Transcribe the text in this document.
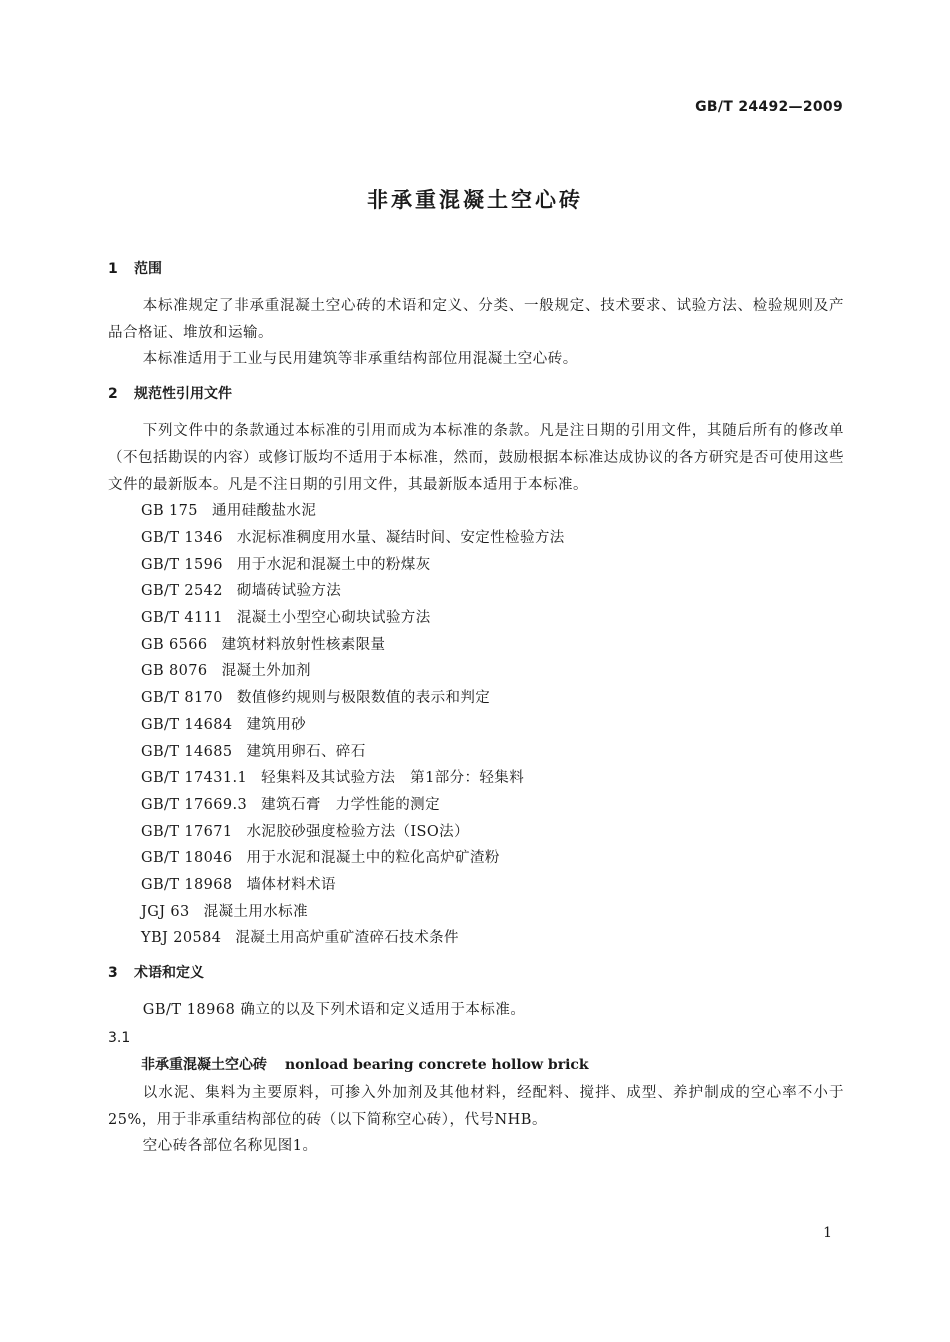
GB/T 24492—2009
非承重混凝土空心砖
1 范围
本标准规定了非承重混凝土空心砖的术语和定义、分类、一般规定、技术要求、试验方法、检验规则及产品合格证、堆放和运输。
本标准适用于工业与民用建筑等非承重结构部位用混凝土空心砖。
2 规范性引用文件
下列文件中的条款通过本标准的引用而成为本标准的条款。凡是注日期的引用文件，其随后所有的修改单（不包括勘误的内容）或修订版均不适用于本标准，然而，鼓励根据本标准达成协议的各方研究是否可使用这些文件的最新版本。凡是不注日期的引用文件，其最新版本适用于本标准。
GB 175 通用硅酸盐水泥
GB/T 1346 水泥标准稠度用水量、凝结时间、安定性检验方法
GB/T 1596 用于水泥和混凝土中的粉煤灰
GB/T 2542 砌墙砖试验方法
GB/T 4111 混凝土小型空心砌块试验方法
GB 6566 建筑材料放射性核素限量
GB 8076 混凝土外加剂
GB/T 8170 数值修约规则与极限数值的表示和判定
GB/T 14684 建筑用砂
GB/T 14685 建筑用卵石、碎石
GB/T 17431.1 轻集料及其试验方法　第1部分：轻集料
GB/T 17669.3 建筑石膏　力学性能的测定
GB/T 17671 水泥胶砂强度检验方法（ISO法）
GB/T 18046 用于水泥和混凝土中的粒化高炉矿渣粉
GB/T 18968 墙体材料术语
JGJ 63 混凝土用水标准
YBJ 20584 混凝土用高炉重矿渣碎石技术条件
3 术语和定义
GB/T 18968 确立的以及下列术语和定义适用于本标准。
3.1
非承重混凝土空心砖 nonload bearing concrete hollow brick
以水泥、集料为主要原料，可掺入外加剂及其他材料，经配料、搅拌、成型、养护制成的空心率不小于25%，用于非承重结构部位的砖（以下简称空心砖），代号NHB。
空心砖各部位名称见图1。
1
